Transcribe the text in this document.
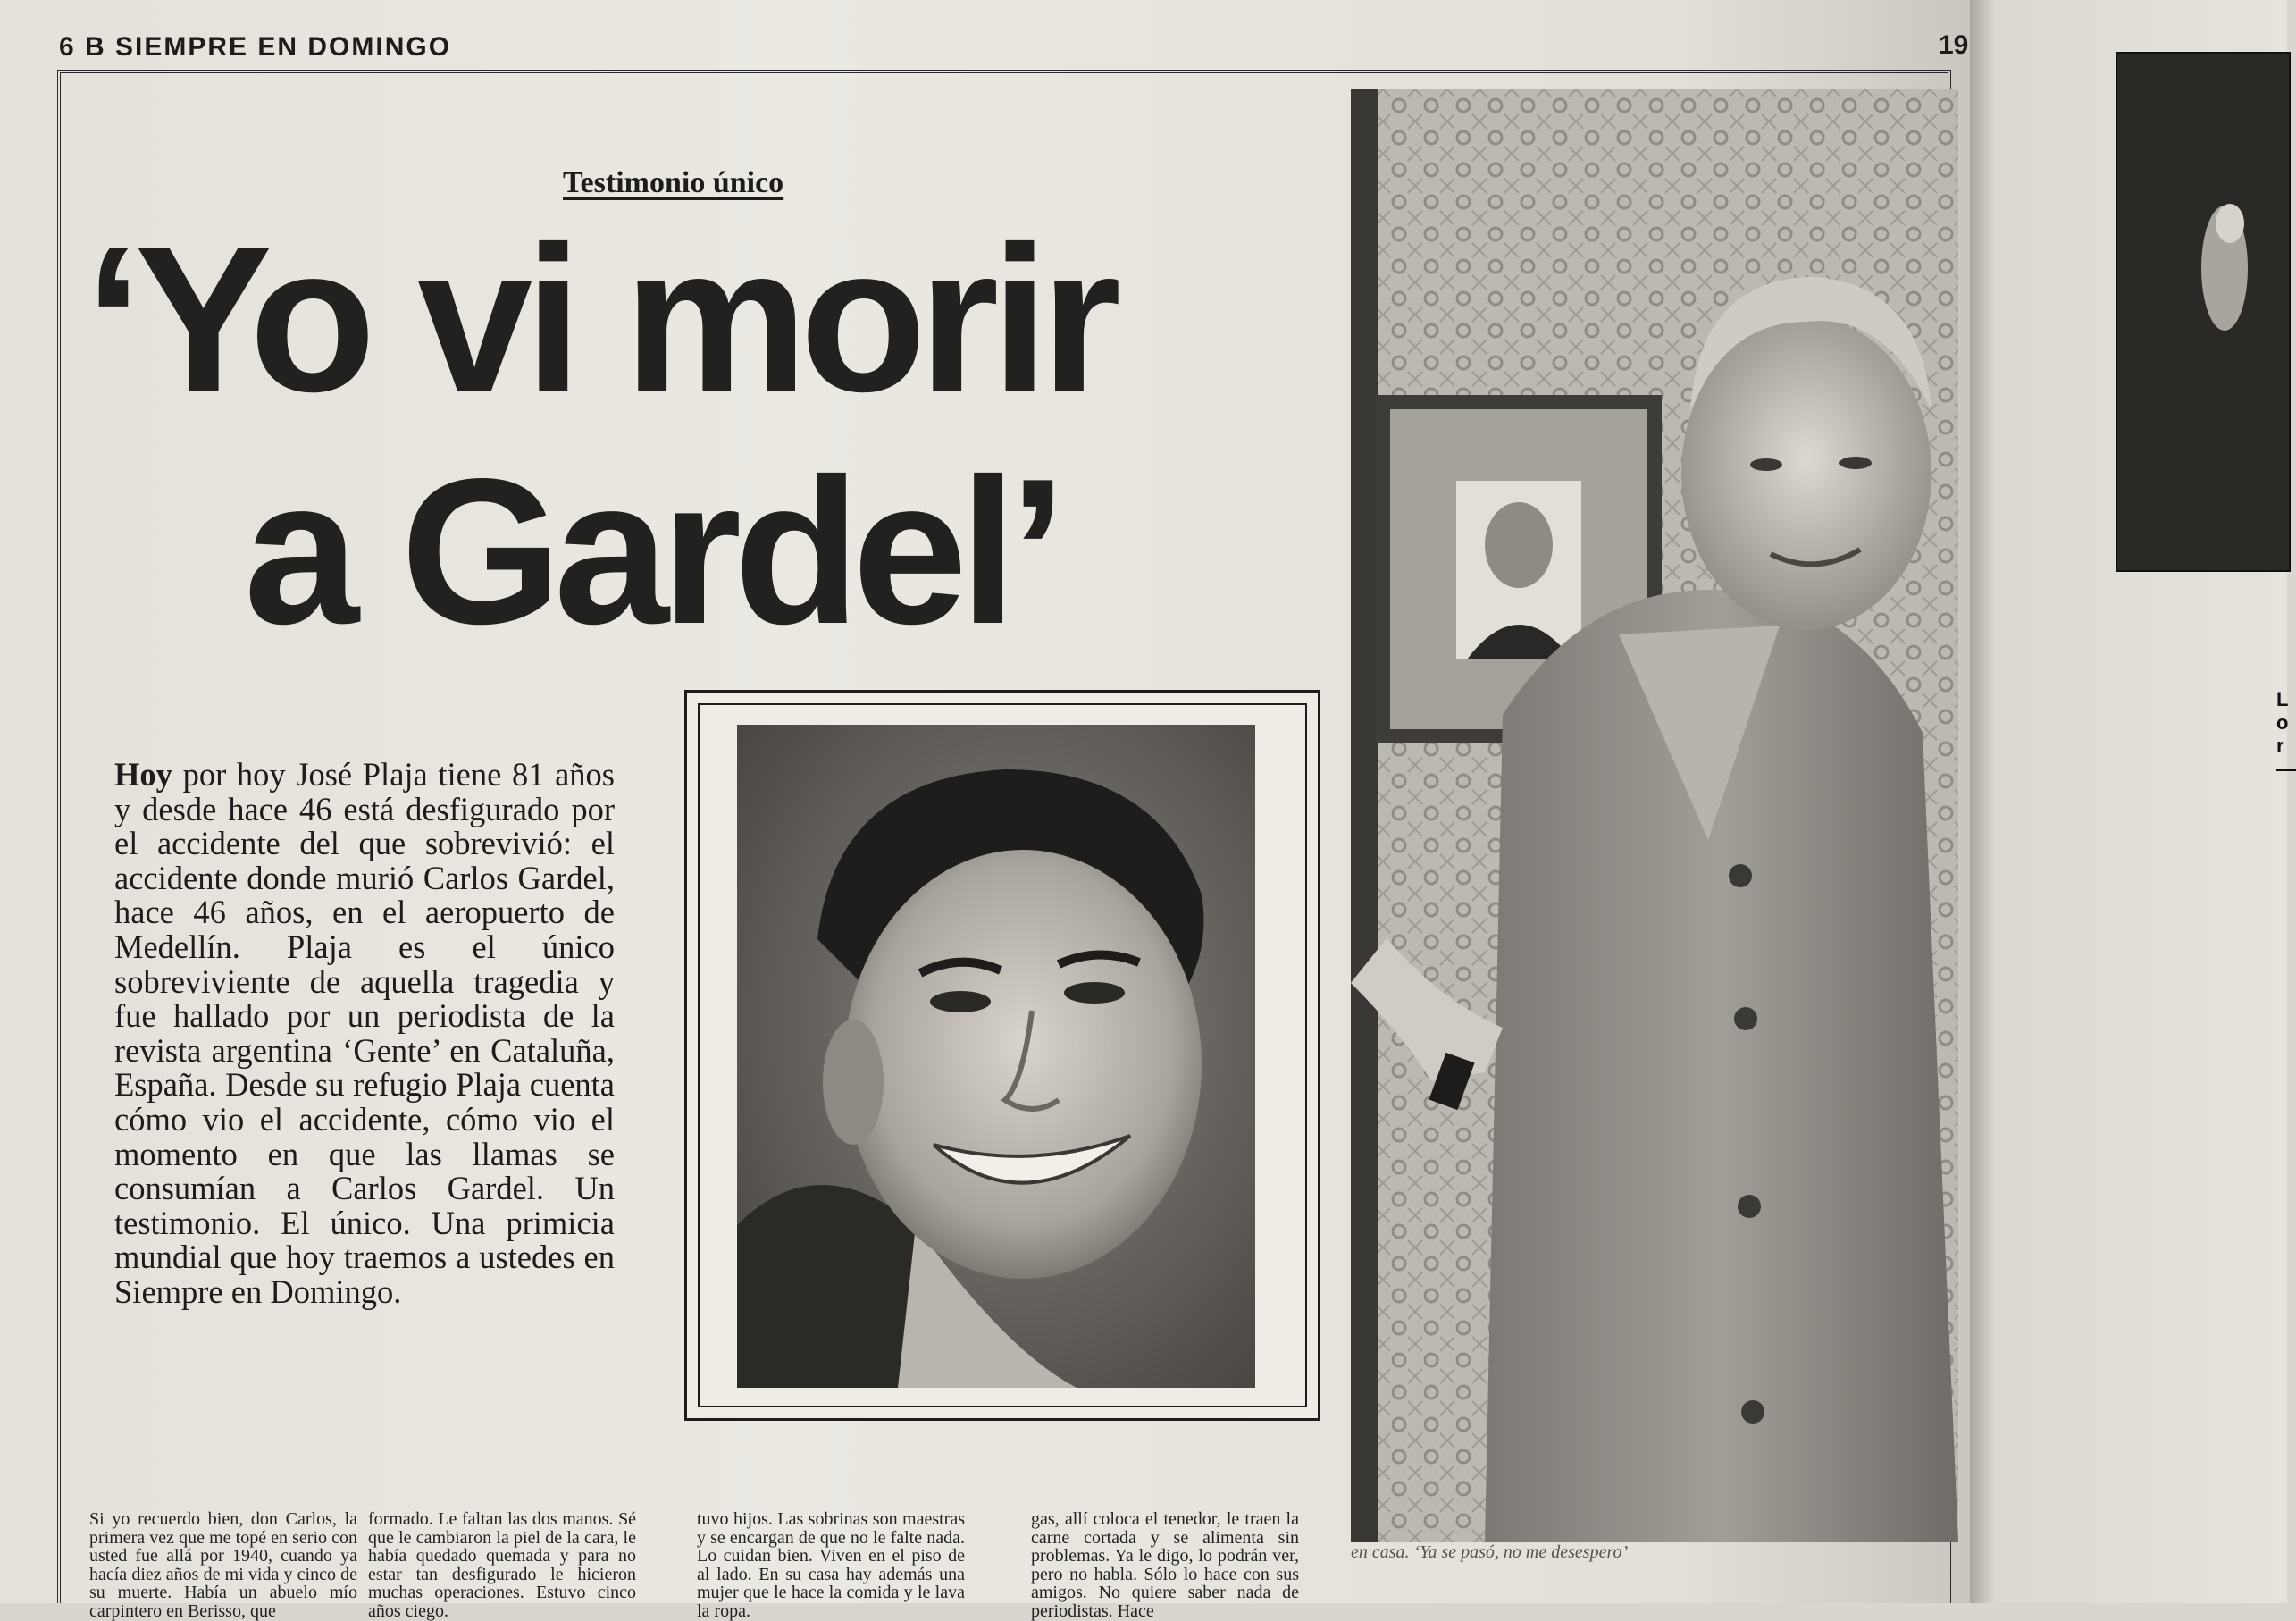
6 B SIEMPRE EN DOMINGO	19
Testimonio único
‘Yo vi morir
a Gardel’
Hoy por hoy José Plaja tiene 81 años y desde hace 46 está desfigurado por el accidente del que sobrevivió: el accidente donde murió Carlos Gardel, hace 46 años, en el aeropuerto de Medellín. Plaja es el único sobreviviente de aquella tragedia y fue hallado por un periodista de la revista argentina ‘Gente’ en Cataluña, España. Desde su refugio Plaja cuenta cómo vio el accidente, cómo vio el momento en que las llamas se consumían a Carlos Gardel. Un testimonio. El único. Una primicia mundial que hoy traemos a ustedes en Siempre en Domingo.
en casa. ‘Ya se pasó, no me desespero’
L
o
r
—
Si yo recuerdo bien, don Carlos, la primera vez que me topé en serio con usted fue allá por 1940, cuando ya hacía diez años de mi vida y cinco de su muerte. Había un abuelo mío carpintero en Berisso, que
formado. Le faltan las dos manos. Sé que le cambiaron la piel de la cara, le había quedado quemada y para no estar tan desfigurado le hicieron muchas operaciones. Estuvo cinco años ciego.
tuvo hijos. Las sobrinas son maestras y se encargan de que no le falte nada. Lo cuidan bien. Viven en el piso de al lado. En su casa hay además una mujer que le hace la comida y le lava la ropa.
gas, allí coloca el tenedor, le traen la carne cortada y se alimenta sin problemas. Ya le digo, lo podrán ver, pero no habla. Sólo lo hace con sus amigos. No quiere saber nada de periodistas. Hace
